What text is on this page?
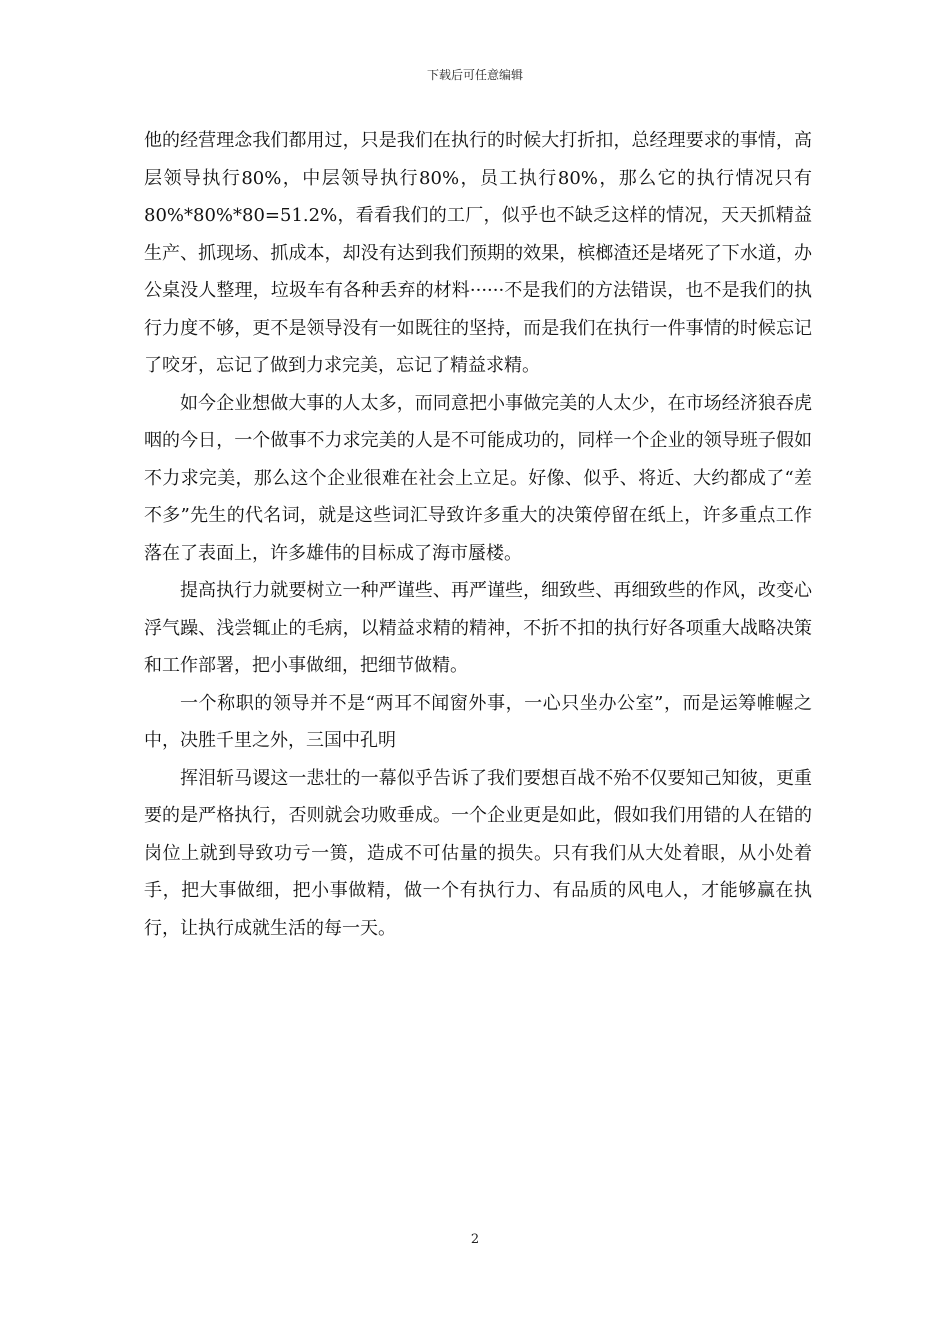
下载后可任意编辑

他的经营理念我们都用过，只是我们在执行的时候大打折扣，总经理要求的事情，高层领导执行80%，中层领导执行80%，员工执行80%，那么它的执行情况只有80%*80%*80=51.2%，看看我们的工厂，似乎也不缺乏这样的情况，天天抓精益生产、抓现场、抓成本，却没有达到我们预期的效果，槟榔渣还是堵死了下水道，办公桌没人整理，垃圾车有各种丢弃的材料······不是我们的方法错误，也不是我们的执行力度不够，更不是领导没有一如既往的坚持，而是我们在执行一件事情的时候忘记了咬牙，忘记了做到力求完美，忘记了精益求精。

如今企业想做大事的人太多，而同意把小事做完美的人太少，在市场经济狼吞虎咽的今日，一个做事不力求完美的人是不可能成功的，同样一个企业的领导班子假如不力求完美，那么这个企业很难在社会上立足。好像、似乎、将近、大约都成了“差不多”先生的代名词，就是这些词汇导致许多重大的决策停留在纸上，许多重点工作落在了表面上，许多雄伟的目标成了海市蜃楼。

提高执行力就要树立一种严谨些、再严谨些，细致些、再细致些的作风，改变心浮气躁、浅尝辄止的毛病，以精益求精的精神，不折不扣的执行好各项重大战略决策和工作部署，把小事做细，把细节做精。

一个称职的领导并不是“两耳不闻窗外事，一心只坐办公室”，而是运筹帷幄之中，决胜千里之外，三国中孔明

挥泪斩马谡这一悲壮的一幕似乎告诉了我们要想百战不殆不仅要知己知彼，更重要的是严格执行，否则就会功败垂成。一个企业更是如此，假如我们用错的人在错的岗位上就到导致功亏一篑，造成不可估量的损失。只有我们从大处着眼，从小处着手，把大事做细，把小事做精，做一个有执行力、有品质的风电人，才能够赢在执行，让执行成就生活的每一天。

2
